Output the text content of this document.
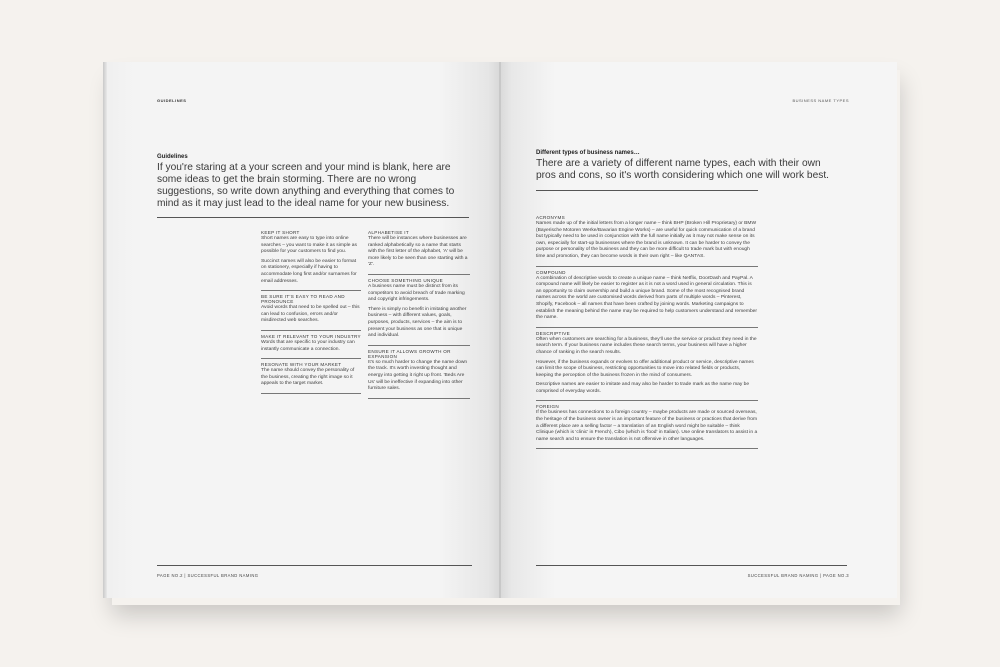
GUIDELINES
Guidelines
If you're staring at a your screen and your mind is blank, here are some ideas to get the brain storming. There are no wrong suggestions, so write down anything and everything that comes to mind as it may just lead to the ideal name for your new business.
KEEP IT SHORT

Short names are easy to type into online searches – you want to make it as simple as possible for your customers to find you.

Succinct names will also be easier to format on stationery, especially if having to accommodate long first and/or surnames for email addresses.

BE SURE IT'S EASY TO READ AND PRONOUNCE

Avoid words that need to be spelled out – this can lead to confusion, errors and/or misdirected web searches.

MAKE IT RELEVANT TO YOUR INDUSTRY

Words that are specific to your industry can instantly communicate a connection.

RESONATE WITH YOUR MARKET

The name should convey the personality of the business, creating the right image so it appeals to the target market.

ALPHABETISE IT

There will be instances where businesses are ranked alphabetically so a name that starts with the first letter of the alphabet, 'A' will be more likely to be seen than one starting with a 'Z'.

CHOOSE SOMETHING UNIQUE

A business name must be distinct from its competitors to avoid breach of trade marking and copyright infringements.

There is simply no benefit in imitating another business – with different values, goals, purposes, products, services – the aim is to present your business as one that is unique and individual.

ENSURE IT ALLOWS GROWTH OR EXPANSION

It's so much harder to change the name down the track. It's worth investing thought and energy into getting it right up front. 'Beds Are Us' will be ineffective if expanding into other furniture sales.

PAGE NO.2 | SUCCESSFUL BRAND NAMING
BUSINESS NAME TYPES
Different types of business names…
There are a variety of different name types, each with their own pros and cons, so it's worth considering which one will work best.
ACRONYMS

Names made up of the initial letters from a longer name – think BHP (Broken Hill Proprietary) or BMW (Bayerische Motoren Werke/Bavarian Engine Works) – are useful for quick communication of a brand but typically need to be used in conjunction with the full name initially as it may not make sense on its own, especially for start-up businesses where the brand is unknown. It can be harder to convey the purpose or personality of the business and they can be more difficult to trade mark but with enough time and promotion, they can become words in their own right – like QANTAS.

COMPOUND

A combination of descriptive words to create a unique name – think Netflix, DoorDash and PayPal. A compound name will likely be easier to register as it is not a word used in general circulation. This is an opportunity to claim ownership and build a unique brand. Some of the most recognised brand names across the world are customised words derived from parts of multiple words – Pinterest, Shopify, Facebook – all names that have been crafted by joining words. Marketing campaigns to establish the meaning behind the name may be required to help customers understand and remember the name.

DESCRIPTIVE

Often when customers are searching for a business, they'll use the service or product they need in the search term. If your business name includes these search terms, your business will have a higher chance of ranking in the search results.

However, if the business expands or evolves to offer additional product or service, descriptive names can limit the scope of business, restricting opportunities to move into related fields or products, keeping the perception of the business frozen in the mind of consumers.

Descriptive names are easier to imitate and may also be harder to trade mark as the name may be comprised of everyday words.

FOREIGN

If the business has connections to a foreign country – maybe products are made or sourced overseas, the heritage of the business owner is an important feature of the business or practices that derive from a different place are a selling factor – a translation of an English word might be suitable – think Clinique (which is 'clinic' in French), Cibo (which is 'food' in Italian). Use online translators to assist in a name search and to ensure the translation is not offensive in other languages.

SUCCESSFUL BRAND NAMING | PAGE NO.3
